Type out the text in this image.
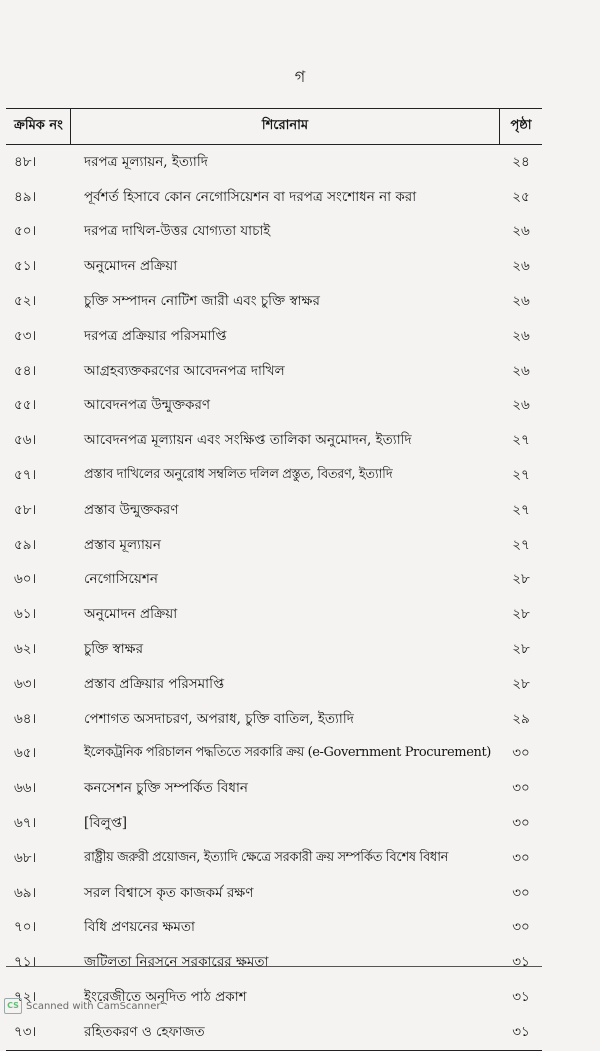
গ
ক্রমিক নং	শিরোনাম	পৃষ্ঠা
৪৮।	দরপত্র মূল্যায়ন, ইত্যাদি	২৪
৪৯।	পূর্বশর্ত হিসাবে কোন নেগোসিয়েশন বা দরপত্র সংশোধন না করা	২৫
৫০।	দরপত্র দাখিল-উত্তর যোগ্যতা যাচাই	২৬
৫১।	অনুমোদন প্রক্রিয়া	২৬
৫২।	চুক্তি সম্পাদন নোটিশ জারী এবং চুক্তি স্বাক্ষর	২৬
৫৩।	দরপত্র প্রক্রিয়ার পরিসমাপ্তি	২৬
৫৪।	আগ্রহব্যক্তকরণের আবেদনপত্র দাখিল	২৬
৫৫।	আবেদনপত্র উন্মুক্তকরণ	২৬
৫৬।	আবেদনপত্র মূল্যায়ন এবং সংক্ষিপ্ত তালিকা অনুমোদন, ইত্যাদি	২৭
৫৭।	প্রস্তাব দাখিলের অনুরোধ সম্বলিত দলিল প্রস্তুত, বিতরণ, ইত্যাদি	২৭
৫৮।	প্রস্তাব উন্মুক্তকরণ	২৭
৫৯।	প্রস্তাব মূল্যায়ন	২৭
৬০।	নেগোসিয়েশন	২৮
৬১।	অনুমোদন প্রক্রিয়া	২৮
৬২।	চুক্তি স্বাক্ষর	২৮
৬৩।	প্রস্তাব প্রক্রিয়ার পরিসমাপ্তি	২৮
৬৪।	পেশাগত অসদাচরণ, অপরাধ, চুক্তি বাতিল, ইত্যাদি	২৯
৬৫।	ইলেকট্রনিক পরিচালন পদ্ধতিতে সরকারি ক্রয় (e-Government Procurement)	৩০
৬৬।	কনসেশন চুক্তি সম্পর্কিত বিধান	৩০
৬৭।	[বিলুপ্ত]	৩০
৬৮।	রাষ্ট্রীয় জরুরী প্রয়োজন, ইত্যাদি ক্ষেত্রে সরকারী ক্রয় সম্পর্কিত বিশেষ বিধান	৩০
৬৯।	সরল বিশ্বাসে কৃত কাজকর্ম রক্ষণ	৩০
৭০।	বিধি প্রণয়নের ক্ষমতা	৩০
৭১।	জটিলতা নিরসনে সরকারের ক্ষমতা	৩১
৭২।	ইংরেজীতে অনূদিত পাঠ প্রকাশ	৩১
৭৩।	রহিতকরণ ও হেফাজত	৩১
CS Scanned with CamScanner
